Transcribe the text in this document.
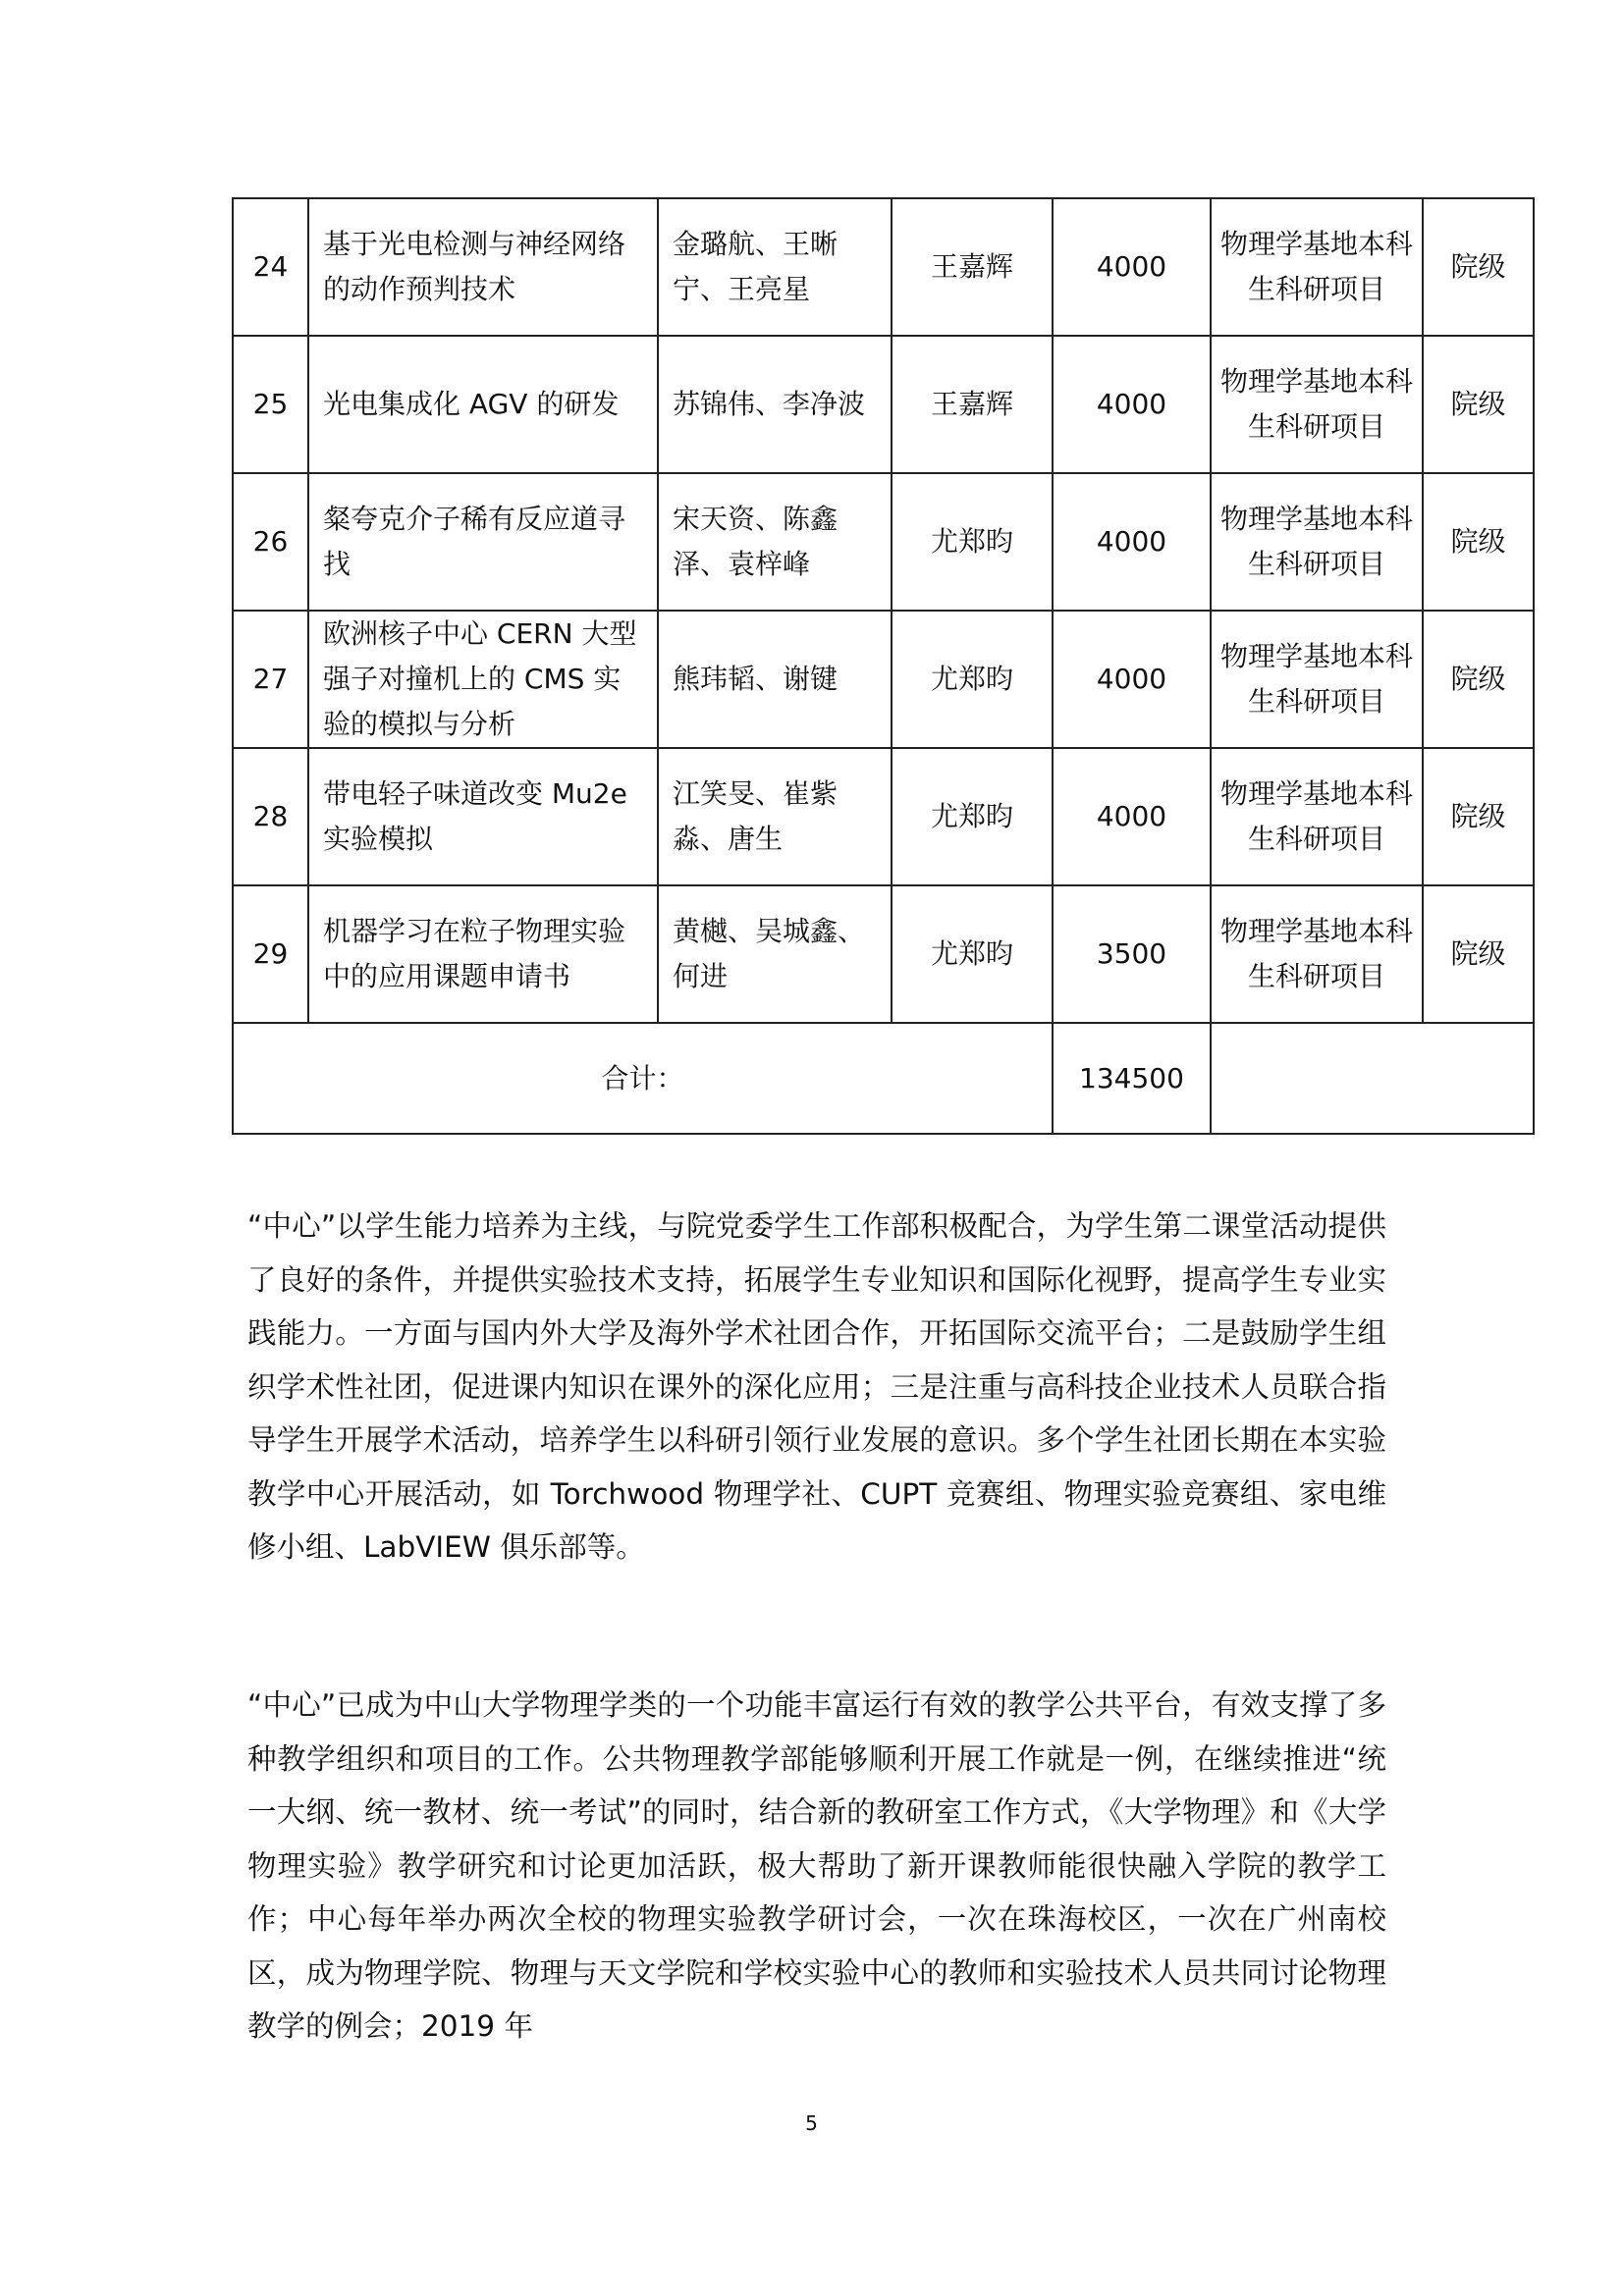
24	基于光电检测与神经网络的动作预判技术	金璐航、王晰宁、王亮星	王嘉辉	4000	物理学基地本科生科研项目	院级
25	光电集成化 AGV 的研发	苏锦伟、李净波	王嘉辉	4000	物理学基地本科生科研项目	院级
26	粲夸克介子稀有反应道寻找	宋天资、陈鑫泽、袁梓峰	尤郑昀	4000	物理学基地本科生科研项目	院级
27	欧洲核子中心 CERN 大型强子对撞机上的 CMS 实验的模拟与分析	熊玮韬、谢键	尤郑昀	4000	物理学基地本科生科研项目	院级
28	带电轻子味道改变 Mu2e 实验模拟	江笑旻、崔紫淼、唐生	尤郑昀	4000	物理学基地本科生科研项目	院级
29	机器学习在粒子物理实验中的应用课题申请书	黄樾、吴城鑫、何进	尤郑昀	3500	物理学基地本科生科研项目	院级
合计：				134500		

“中心”以学生能力培养为主线，与院党委学生工作部积极配合，为学生第二课堂活动提供了良好的条件，并提供实验技术支持，拓展学生专业知识和国际化视野，提高学生专业实践能力。一方面与国内外大学及海外学术社团合作，开拓国际交流平台；二是鼓励学生组织学术性社团，促进课内知识在课外的深化应用；三是注重与高科技企业技术人员联合指导学生开展学术活动，培养学生以科研引领行业发展的意识。多个学生社团长期在本实验教学中心开展活动，如 Torchwood 物理学社、CUPT 竞赛组、物理实验竞赛组、家电维修小组、LabVIEW 俱乐部等。

“中心”已成为中山大学物理学类的一个功能丰富运行有效的教学公共平台，有效支撑了多种教学组织和项目的工作。公共物理教学部能够顺利开展工作就是一例，在继续推进“统一大纲、统一教材、统一考试”的同时，结合新的教研室工作方式，《大学物理》和《大学物理实验》教学研究和讨论更加活跃，极大帮助了新开课教师能很快融入学院的教学工作；中心每年举办两次全校的物理实验教学研讨会，一次在珠海校区，一次在广州南校区，成为物理学院、物理与天文学院和学校实验中心的教师和实验技术人员共同讨论物理教学的例会；2019 年

5
